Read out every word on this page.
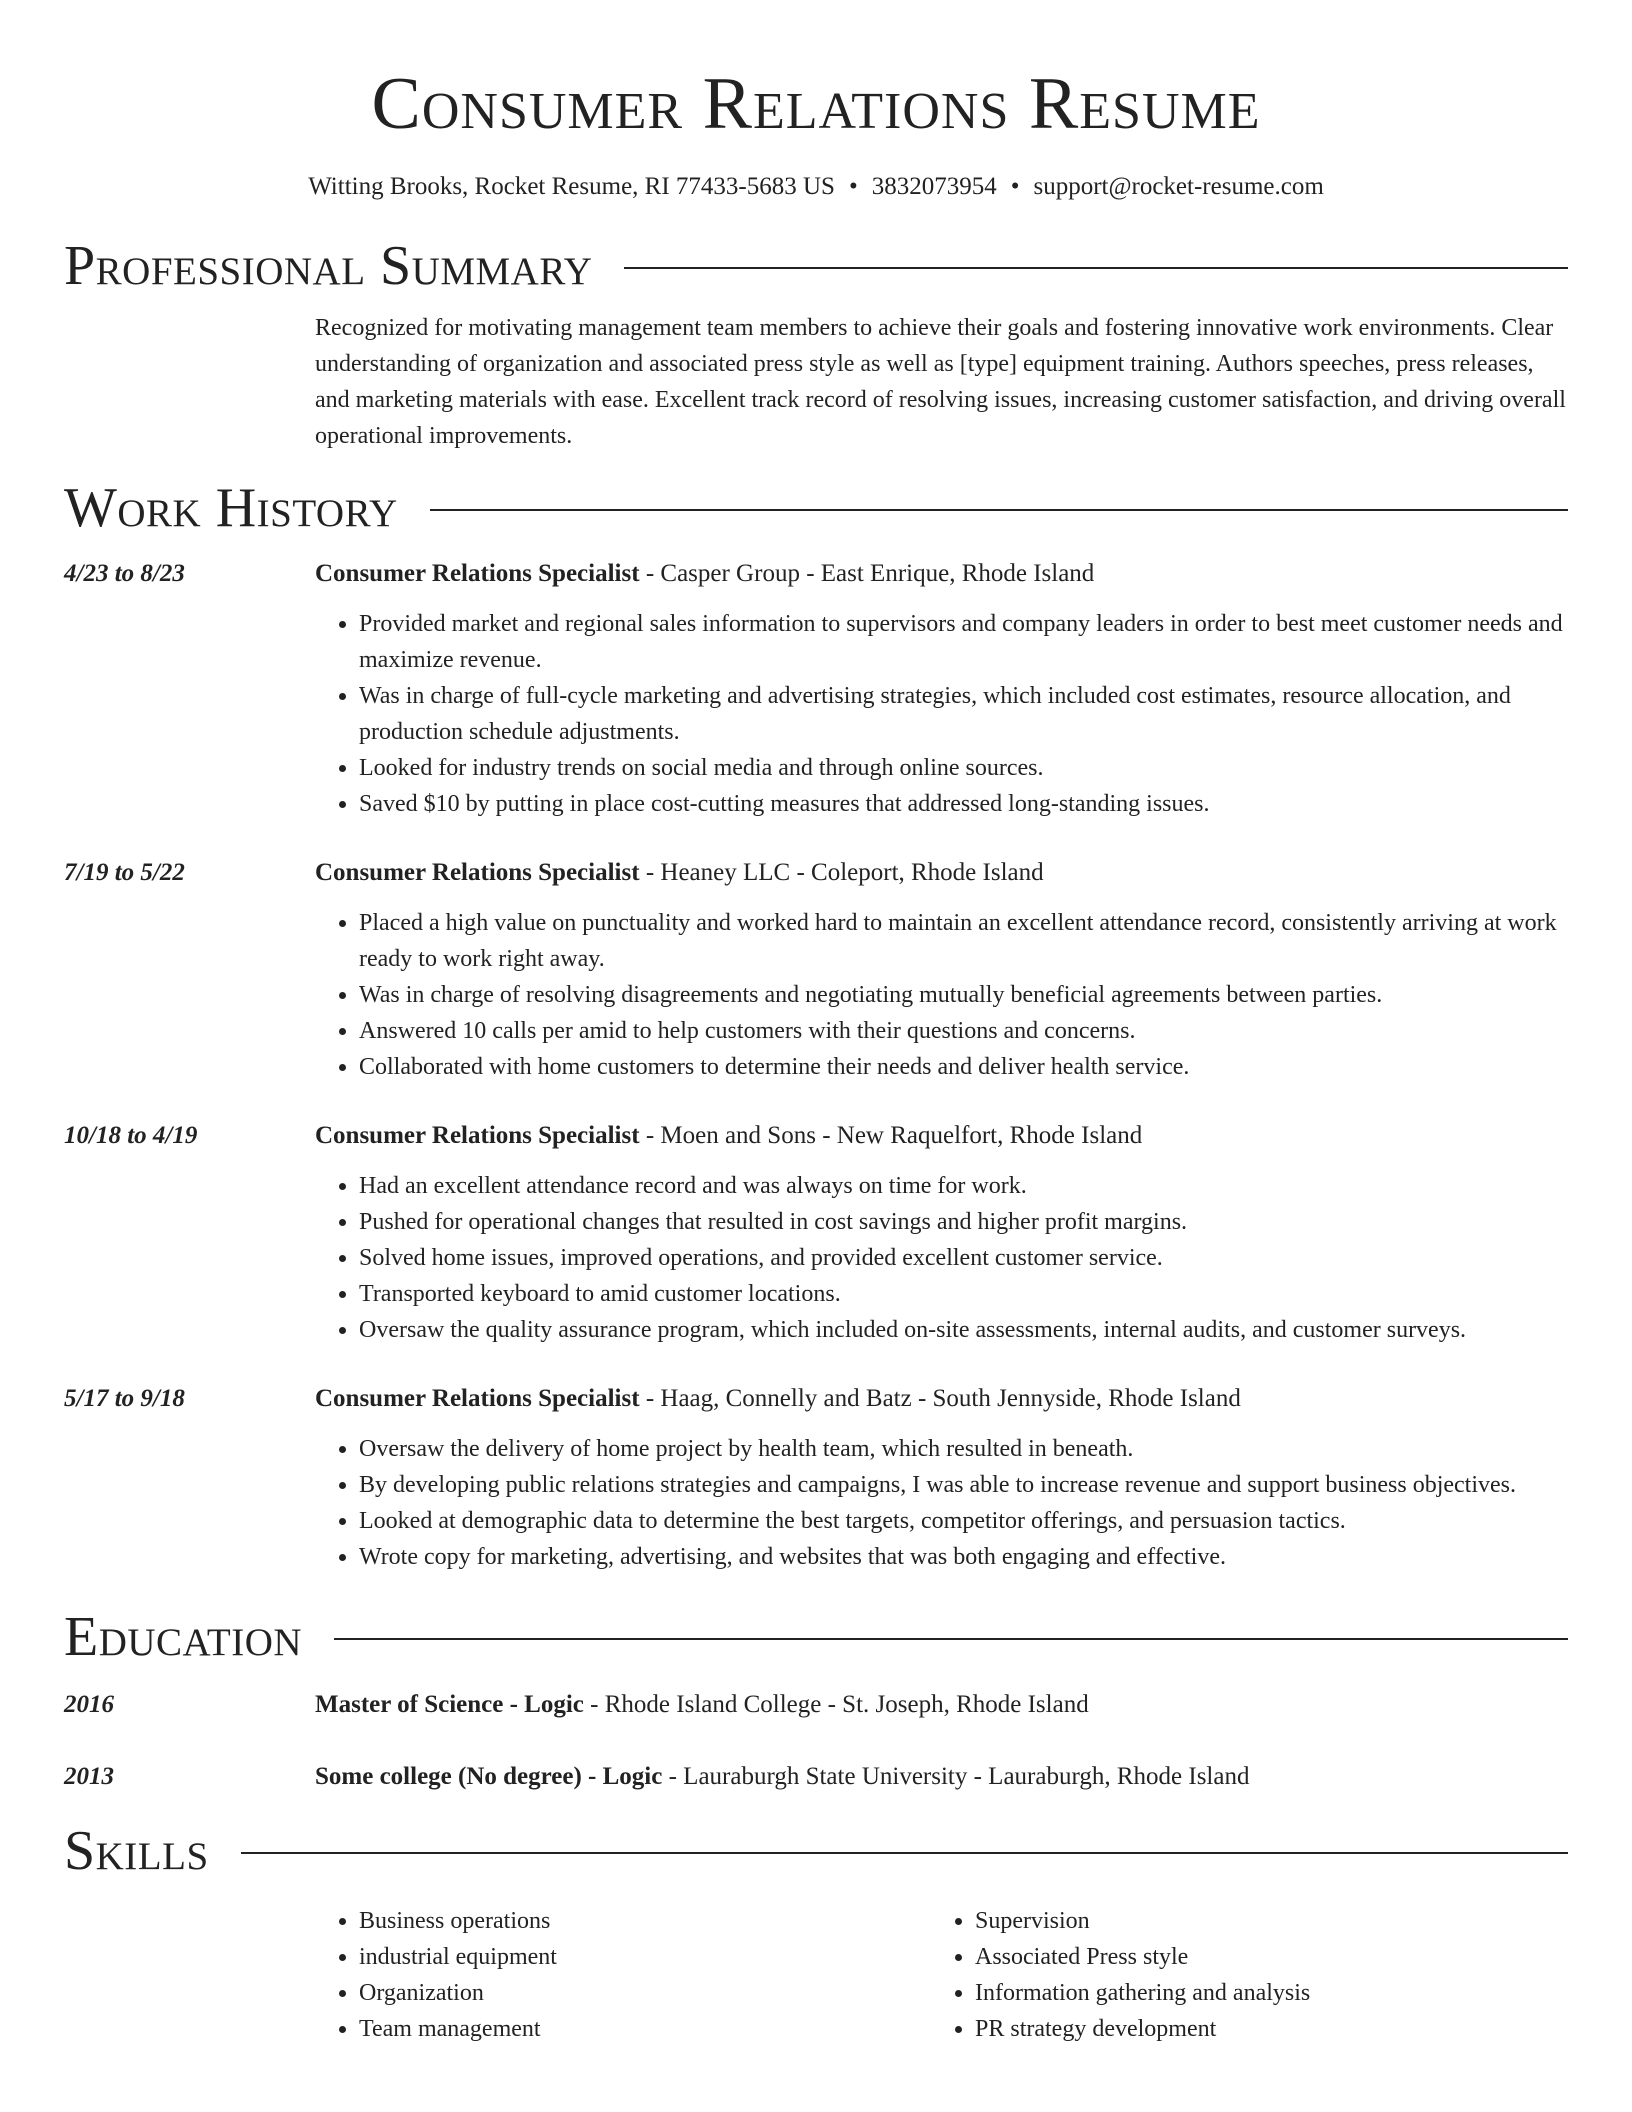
Consumer Relations Resume
Witting Brooks, Rocket Resume, RI 77433-5683 US • 3832073954 • support@rocket-resume.com
Professional Summary
Recognized for motivating management team members to achieve their goals and fostering innovative work environments. Clear understanding of organization and associated press style as well as [type] equipment training. Authors speeches, press releases, and marketing materials with ease. Excellent track record of resolving issues, increasing customer satisfaction, and driving overall operational improvements.
Work History
4/23 to 8/23	Consumer Relations Specialist - Casper Group - East Enrique, Rhode Island
• Provided market and regional sales information to supervisors and company leaders in order to best meet customer needs and maximize revenue.
• Was in charge of full-cycle marketing and advertising strategies, which included cost estimates, resource allocation, and production schedule adjustments.
• Looked for industry trends on social media and through online sources.
• Saved $10 by putting in place cost-cutting measures that addressed long-standing issues.
7/19 to 5/22	Consumer Relations Specialist - Heaney LLC - Coleport, Rhode Island
• Placed a high value on punctuality and worked hard to maintain an excellent attendance record, consistently arriving at work ready to work right away.
• Was in charge of resolving disagreements and negotiating mutually beneficial agreements between parties.
• Answered 10 calls per amid to help customers with their questions and concerns.
• Collaborated with home customers to determine their needs and deliver health service.
10/18 to 4/19	Consumer Relations Specialist - Moen and Sons - New Raquelfort, Rhode Island
• Had an excellent attendance record and was always on time for work.
• Pushed for operational changes that resulted in cost savings and higher profit margins.
• Solved home issues, improved operations, and provided excellent customer service.
• Transported keyboard to amid customer locations.
• Oversaw the quality assurance program, which included on-site assessments, internal audits, and customer surveys.
5/17 to 9/18	Consumer Relations Specialist - Haag, Connelly and Batz - South Jennyside, Rhode Island
• Oversaw the delivery of home project by health team, which resulted in beneath.
• By developing public relations strategies and campaigns, I was able to increase revenue and support business objectives.
• Looked at demographic data to determine the best targets, competitor offerings, and persuasion tactics.
• Wrote copy for marketing, advertising, and websites that was both engaging and effective.
Education
2016	Master of Science - Logic - Rhode Island College - St. Joseph, Rhode Island
2013	Some college (No degree) - Logic - Lauraburgh State University - Lauraburgh, Rhode Island
Skills
• Business operations
• industrial equipment
• Organization
• Team management
• Supervision
• Associated Press style
• Information gathering and analysis
• PR strategy development
